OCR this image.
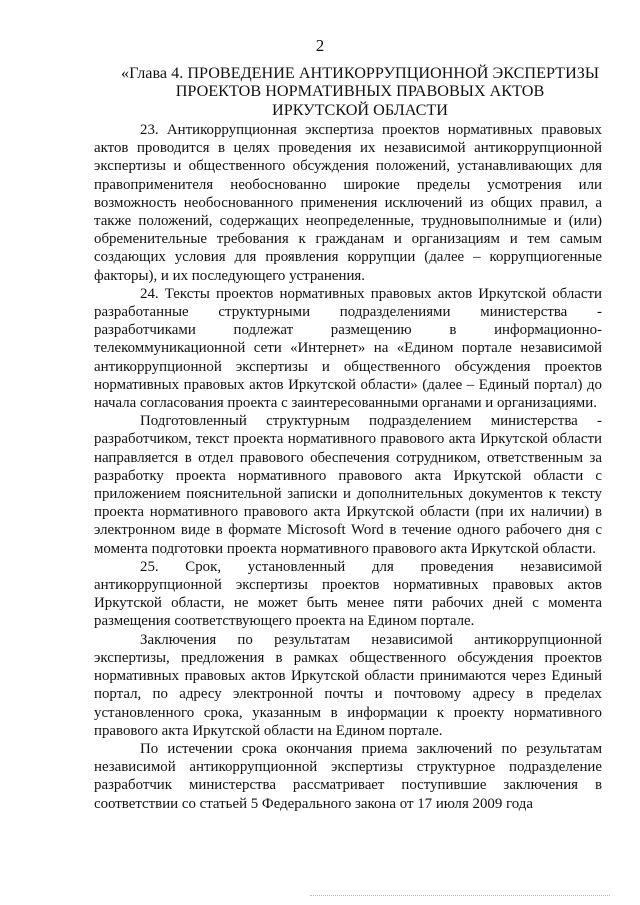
2
«Глава 4. ПРОВЕДЕНИЕ АНТИКОРРУПЦИОННОЙ ЭКСПЕРТИЗЫ
ПРОЕКТОВ НОРМАТИВНЫХ ПРАВОВЫХ АКТОВ
ИРКУТСКОЙ ОБЛАСТИ

23. Антикоррупционная экспертиза проектов нормативных правовых актов проводится в целях проведения их независимой антикоррупционной экспертизы и общественного обсуждения положений, устанавливающих для правоприменителя необоснованно широкие пределы усмотрения или возможность необоснованного применения исключений из общих правил, а также положений, содержащих неопределенные, трудновыполнимые и (или) обременительные требования к гражданам и организациям и тем самым создающих условия для проявления коррупции (далее – коррупциогенные факторы), и их последующего устранения.

24. Тексты проектов нормативных правовых актов Иркутской области разработанные структурными подразделениями министерства - разработчиками подлежат размещению в информационно-телекоммуникационной сети «Интернет» на «Едином портале независимой антикоррупционной экспертизы и общественного обсуждения проектов нормативных правовых актов Иркутской области» (далее – Единый портал) до начала согласования проекта с заинтересованными органами и организациями.

Подготовленный структурным подразделением министерства - разработчиком, текст проекта нормативного правового акта Иркутской области направляется в отдел правового обеспечения сотрудником, ответственным за разработку проекта нормативного правового акта Иркутской области с приложением пояснительной записки и дополнительных документов к тексту проекта нормативного правового акта Иркутской области (при их наличии) в электронном виде в формате Microsoft Word в течение одного рабочего дня с момента подготовки проекта нормативного правового акта Иркутской области.

25. Срок, установленный для проведения независимой антикоррупционной экспертизы проектов нормативных правовых актов Иркутской области, не может быть менее пяти рабочих дней с момента размещения соответствующего проекта на Едином портале.

Заключения по результатам независимой антикоррупционной экспертизы, предложения в рамках общественного обсуждения проектов нормативных правовых актов Иркутской области принимаются через Единый портал, по адресу электронной почты и почтовому адресу в пределах установленного срока, указанным в информации к проекту нормативного правового акта Иркутской области на Едином портале.

По истечении срока окончания приема заключений по результатам независимой антикоррупционной экспертизы структурное подразделение разработчик министерства рассматривает поступившие заключения в соответствии со статьей 5 Федерального закона от 17 июля 2009 года
